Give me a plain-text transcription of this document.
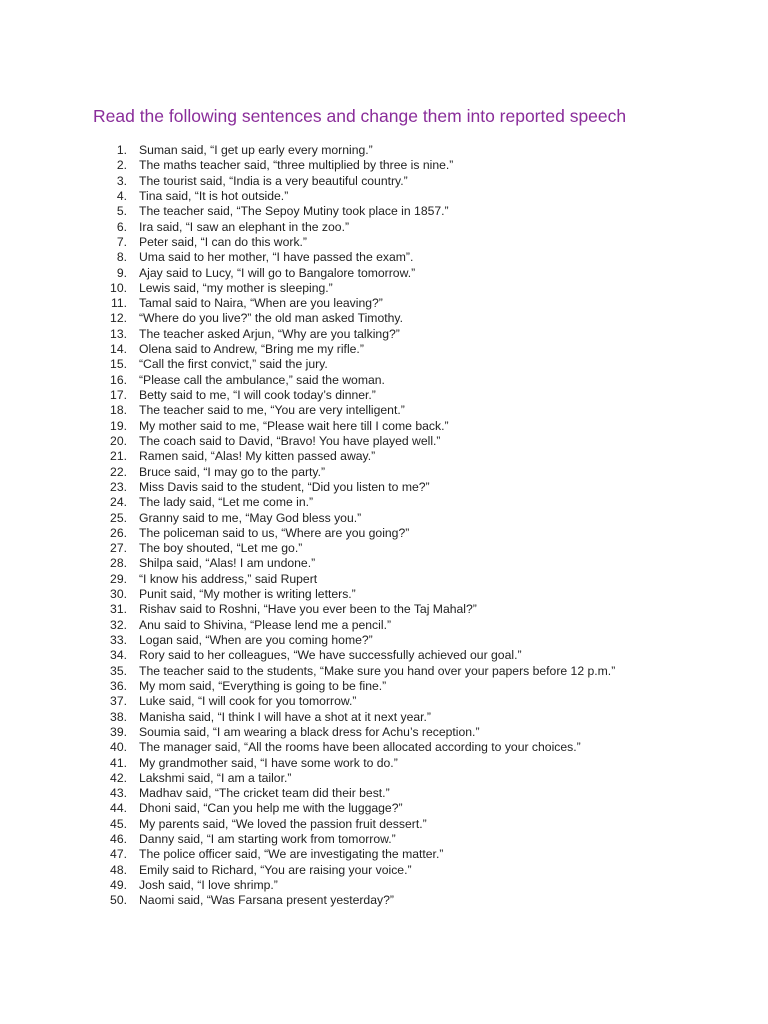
Read the following sentences and change them into reported speech
1. Suman said, “I get up early every morning.”
2. The maths teacher said, “three multiplied by three is nine.”
3. The tourist said, “India is a very beautiful country.”
4. Tina said, “It is hot outside.”
5. The teacher said, “The Sepoy Mutiny took place in 1857.”
6. Ira said, “I saw an elephant in the zoo.”
7. Peter said, “I can do this work.”
8. Uma said to her mother, “I have passed the exam”.
9. Ajay said to Lucy, “I will go to Bangalore tomorrow.”
10. Lewis said, “my mother is sleeping.”
11. Tamal said to Naira, “When are you leaving?”
12. “Where do you live?” the old man asked Timothy.
13. The teacher asked Arjun, “Why are you talking?”
14. Olena said to Andrew, “Bring me my rifle.”
15. “Call the first convict,” said the jury.
16. “Please call the ambulance,” said the woman.
17. Betty said to me, “I will cook today’s dinner.”
18. The teacher said to me, “You are very intelligent.”
19. My mother said to me, “Please wait here till I come back.”
20. The coach said to David, “Bravo! You have played well.”
21. Ramen said, “Alas! My kitten passed away.”
22. Bruce said, “I may go to the party.”
23. Miss Davis said to the student, “Did you listen to me?”
24. The lady said, “Let me come in.”
25. Granny said to me, “May God bless you.”
26. The policeman said to us, “Where are you going?”
27. The boy shouted, “Let me go.”
28. Shilpa said, “Alas! I am undone.”
29. “I know his address,” said Rupert
30. Punit said, “My mother is writing letters.”
31. Rishav said to Roshni, “Have you ever been to the Taj Mahal?”
32. Anu said to Shivina, “Please lend me a pencil.”
33. Logan said, “When are you coming home?”
34. Rory said to her colleagues, “We have successfully achieved our goal.”
35. The teacher said to the students, “Make sure you hand over your papers before 12 p.m.”
36. My mom said, “Everything is going to be fine.”
37. Luke said, “I will cook for you tomorrow.”
38. Manisha said, “I think I will have a shot at it next year.”
39. Soumia said, “I am wearing a black dress for Achu’s reception.”
40. The manager said, “All the rooms have been allocated according to your choices.”
41. My grandmother said, “I have some work to do.”
42. Lakshmi said, “I am a tailor.”
43. Madhav said, “The cricket team did their best.”
44. Dhoni said, “Can you help me with the luggage?”
45. My parents said, “We loved the passion fruit dessert.”
46. Danny said, “I am starting work from tomorrow.”
47. The police officer said, “We are investigating the matter.”
48. Emily said to Richard, “You are raising your voice.”
49. Josh said, “I love shrimp.”
50. Naomi said, “Was Farsana present yesterday?”
